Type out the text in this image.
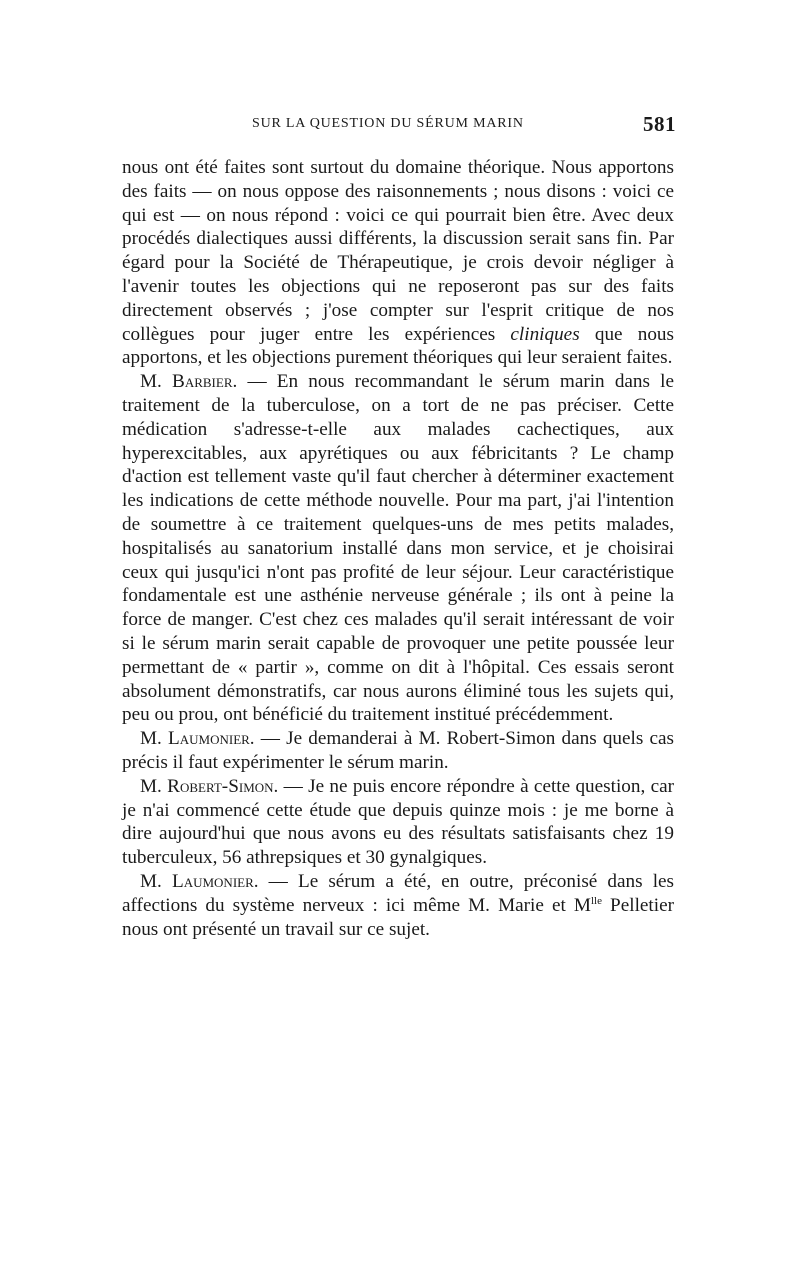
SUR LA QUESTION DU SÉRUM MARIN	581

nous ont été faites sont surtout du domaine théorique. Nous apportons des faits — on nous oppose des raisonnements ; nous disons : voici ce qui est — on nous répond : voici ce qui pourrait bien être. Avec deux procédés dialectiques aussi différents, la discussion serait sans fin. Par égard pour la Société de Thérapeutique, je crois devoir négliger à l'avenir toutes les objections qui ne reposeront pas sur des faits directement observés ; j'ose compter sur l'esprit critique de nos collègues pour juger entre les expériences cliniques que nous apportons, et les objections purement théoriques qui leur seraient faites.

M. Barbier. — En nous recommandant le sérum marin dans le traitement de la tuberculose, on a tort de ne pas préciser. Cette médication s'adresse-t-elle aux malades cachectiques, aux hyperexcitables, aux apyrétiques ou aux fébricitants ? Le champ d'action est tellement vaste qu'il faut chercher à déterminer exactement les indications de cette méthode nouvelle. Pour ma part, j'ai l'intention de soumettre à ce traitement quelques-uns de mes petits malades, hospitalisés au sanatorium installé dans mon service, et je choisirai ceux qui jusqu'ici n'ont pas profité de leur séjour. Leur caractéristique fondamentale est une asthénie nerveuse générale ; ils ont à peine la force de manger. C'est chez ces malades qu'il serait intéressant de voir si le sérum marin serait capable de provoquer une petite poussée leur permettant de « partir », comme on dit à l'hôpital. Ces essais seront absolument démonstratifs, car nous aurons éliminé tous les sujets qui, peu ou prou, ont bénéficié du traitement institué précédemment.

M. Laumonier. — Je demanderai à M. Robert-Simon dans quels cas précis il faut expérimenter le sérum marin.

M. Robert-Simon. — Je ne puis encore répondre à cette question, car je n'ai commencé cette étude que depuis quinze mois : je me borne à dire aujourd'hui que nous avons eu des résultats satisfaisants chez 19 tuberculeux, 56 athrepsiques et 30 gynalgiques.

M. Laumonier. — Le sérum a été, en outre, préconisé dans les affections du système nerveux : ici même M. Marie et $M^{lle}$ Pelletier nous ont présenté un travail sur ce sujet.
